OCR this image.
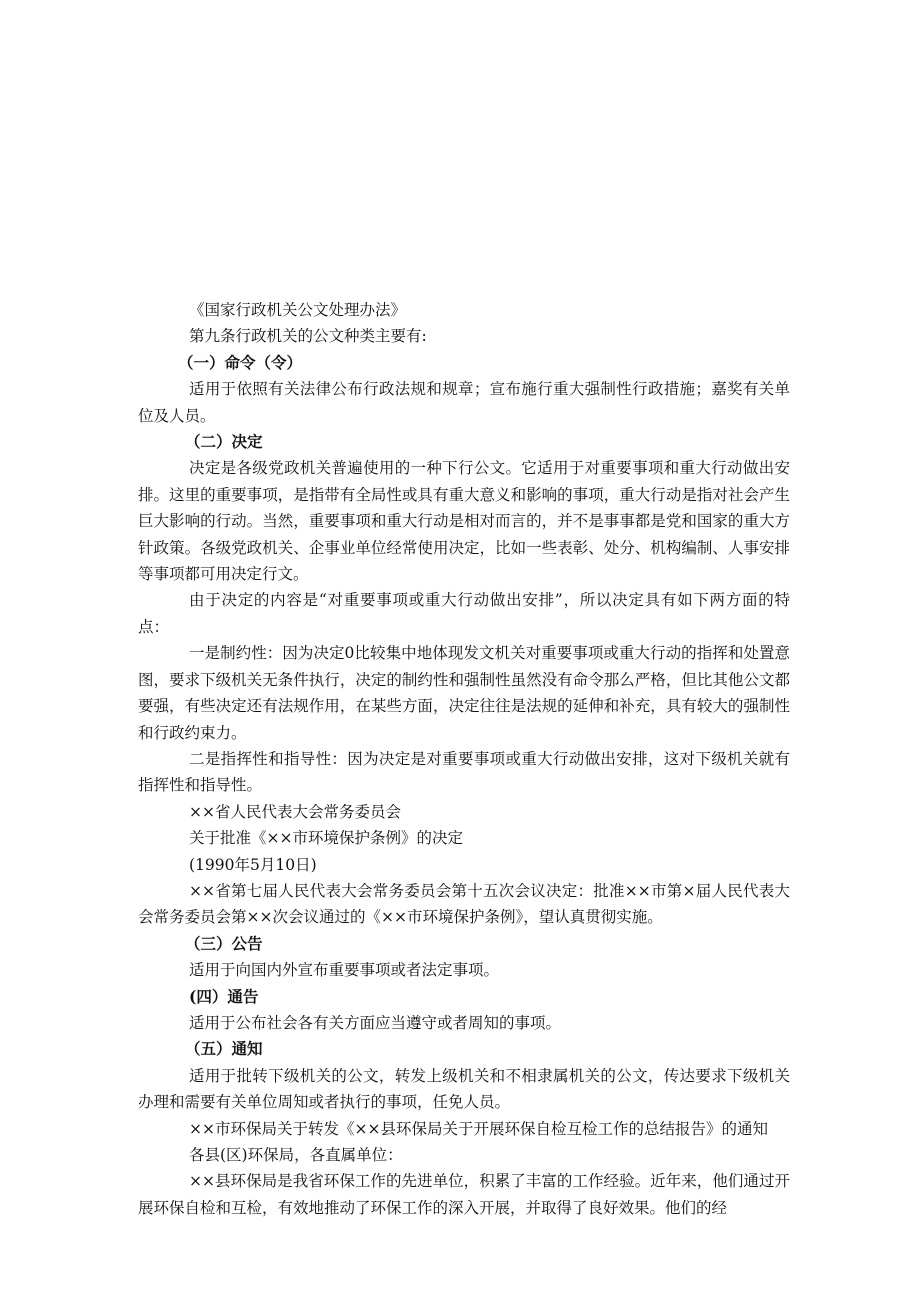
《国家行政机关公文处理办法》

第九条行政机关的公文种类主要有:

（一）命令（令）

适用于依照有关法律公布行政法规和规章；宣布施行重大强制性行政措施；嘉奖有关单位及人员。

（二）决定

决定是各级党政机关普遍使用的一种下行公文。它适用于对重要事项和重大行动做出安排。这里的重要事项，是指带有全局性或具有重大意义和影响的事项，重大行动是指对社会产生巨大影响的行动。当然，重要事项和重大行动是相对而言的，并不是事事都是党和国家的重大方针政策。各级党政机关、企事业单位经常使用决定，比如一些表彰、处分、机构编制、人事安排等事项都可用决定行文。

由于决定的内容是“对重要事项或重大行动做出安排”，所以决定具有如下两方面的特点：

一是制约性：因为决定0比较集中地体现发文机关对重要事项或重大行动的指挥和处置意图，要求下级机关无条件执行，决定的制约性和强制性虽然没有命令那么严格，但比其他公文都要强，有些决定还有法规作用，在某些方面，决定往往是法规的延伸和补充，具有较大的强制性和行政约束力。

二是指挥性和指导性：因为决定是对重要事项或重大行动做出安排，这对下级机关就有指挥性和指导性。

××省人民代表大会常务委员会

关于批准《××市环境保护条例》的决定

(1990年5月10日)

××省第七届人民代表大会常务委员会第十五次会议决定：批准××市第×届人民代表大会常务委员会第××次会议通过的《××市环境保护条例》，望认真贯彻实施。

（三）公告

适用于向国内外宣布重要事项或者法定事项。

(四）通告

适用于公布社会各有关方面应当遵守或者周知的事项。

（五）通知

适用于批转下级机关的公文，转发上级机关和不相隶属机关的公文，传达要求下级机关办理和需要有关单位周知或者执行的事项，任免人员。

××市环保局关于转发《××县环保局关于开展环保自检互检工作的总结报告》的通知

各县(区)环保局，各直属单位：

××县环保局是我省环保工作的先进单位，积累了丰富的工作经验。近年来，他们通过开展环保自检和互检，有效地推动了环保工作的深入开展，并取得了良好效果。他们的经
